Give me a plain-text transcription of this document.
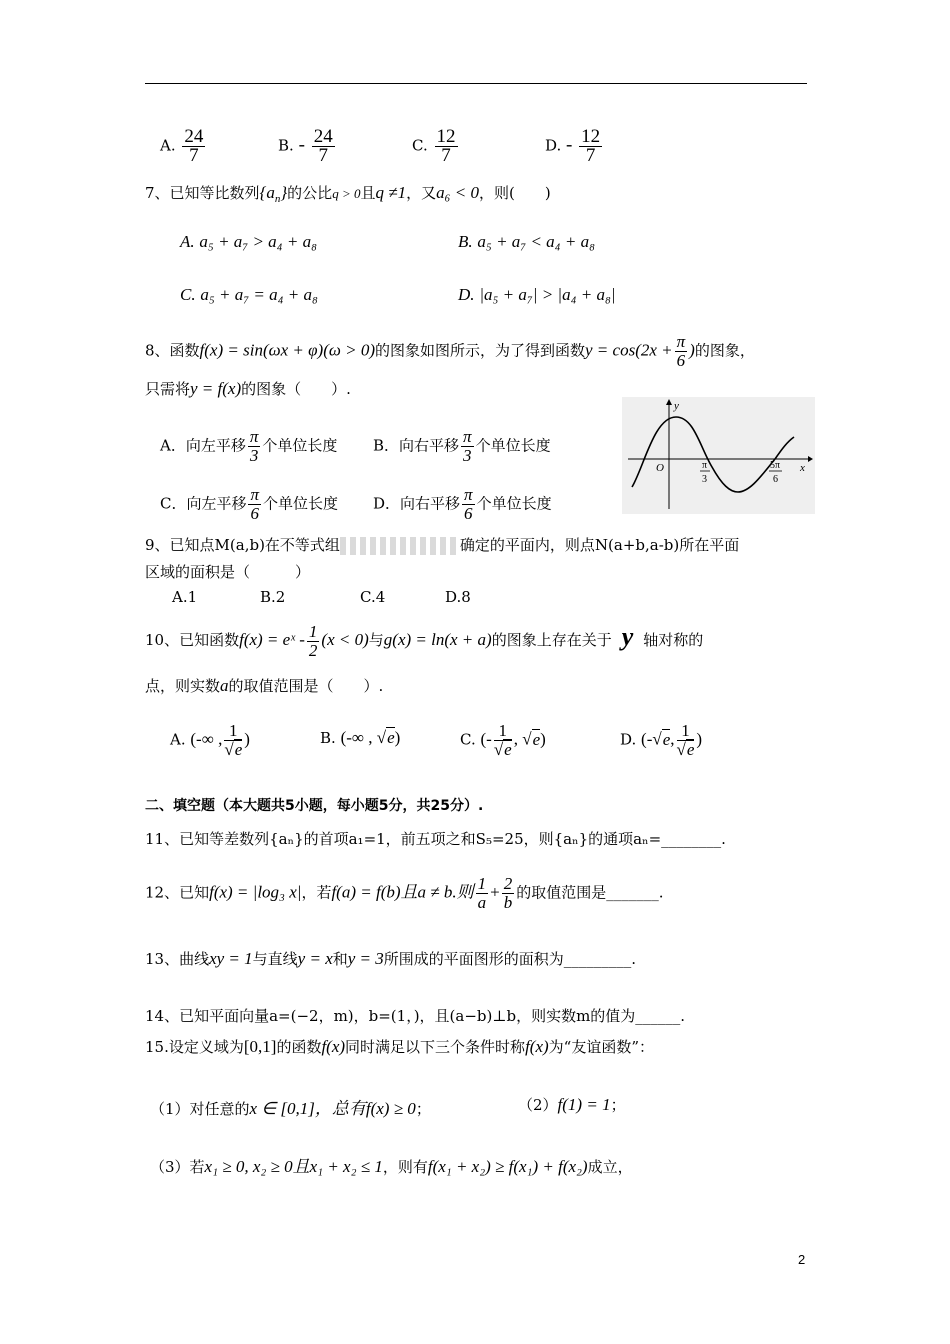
A. $\frac{24}{7}$	B. - $\frac{24}{7}$	C. $\frac{12}{7}$	D. - $\frac{12}{7}$
7、已知等比数列$\{a_n\}$的公比q > 0且q ≠1，又a₆ < 0，则(　　)
A. a₅ + a₇ > a₄ + a₈	B. a₅ + a₇ < a₄ + a₈
C. a₅ + a₇ = a₄ + a₈	D. |a₅ + a₇| > |a₄ + a₈|
8、函数f(x) = sin(ωx + φ)(ω > 0)的图象如图所示，为了得到函数$y = \cos(2x + \frac{\pi}{6}$ )的图象，
只需将y = f(x)的图象（　　）.
A．向左平移 $\frac{\pi}{3}$ 个单位长度 B．向右平移 $\frac{\pi}{3}$ 个单位长度
C．向左平移 $\frac{\pi}{6}$ 个单位长度 D．向右平移 $\frac{\pi}{6}$ 个单位长度
y
x
O	π
3
5π
6
9、已知点M(a,b)在不等式组	确定的平面内，则点N(a+b,a-b)所在平面
区域的面积是（　　　）
A.1	B.2	C.4	D.8
10、已知函数f(x) = eˣ - $\frac{1}{2} (x < 0)$与g(x) = ln(x + a)的图象上存在关于 y 轴对称的
点，则实数a的取值范围是（　　）.
A. (-∞ , $\frac{1}{√e}$ )	B. (-∞ , √e)	C. (- $\frac{1}{√e}$ , √e)	D. (-√e, $\frac{1}{√e}$ )
二、填空题（本大题共5小题，每小题5分，共25分）.
11、已知等差数列{aₙ}的首项a₁=1，前五项之和S₅=25，则{aₙ}的通项aₙ=________.
12、已知f(x) = |log₃ x|，若f(a) = f(b)且a ≠ b.则 $\frac{1}{a} + \frac{2}{b}$ 的取值范围是_______.
13、曲线xy = 1与直线y = x和y = 3所围成的平面图形的面积为_________.
14、已知平面向量a=(−2，m)，b=(1，)，且(a−b)⊥b，则实数m的值为______.
15.设定义域为[0,1]的函数f(x)同时满足以下三个条件时称f(x)为“友谊函数”：
（1）对任意的x ∈ [0,1]，总有f(x) ≥ 0；	（2）f(1) = 1；
（3）若x₁ ≥ 0, x₂ ≥ 0且x₁ + x₂ ≤ 1，则有f(x₁ + x₂) ≥ f(x₁) + f(x₂)成立，
2
